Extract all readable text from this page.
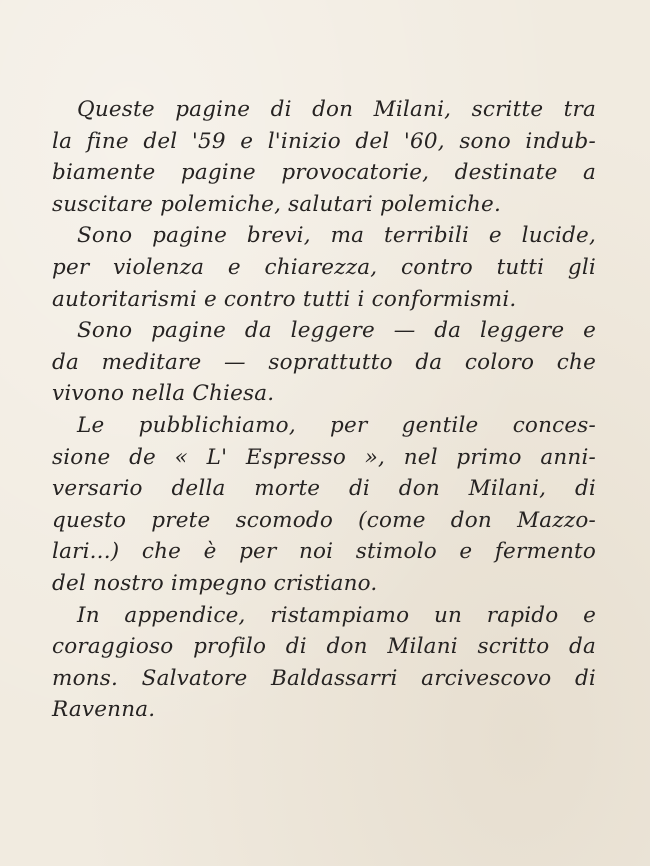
Queste pagine di don Milani, scritte tra
la fine del '59 e l'inizio del '60, sono indub-
biamente pagine provocatorie, destinate a
suscitare polemiche, salutari polemiche.
Sono pagine brevi, ma terribili e lucide,
per violenza e chiarezza, contro tutti gli
autoritarismi e contro tutti i conformismi.
Sono pagine da leggere — da leggere e
da meditare — soprattutto da coloro che
vivono nella Chiesa.
Le pubblichiamo, per gentile conces-
sione de « L' Espresso », nel primo anni-
versario della morte di don Milani, di
questo prete scomodo (come don Mazzo-
lari...) che è per noi stimolo e fermento
del nostro impegno cristiano.
In appendice, ristampiamo un rapido e
coraggioso profilo di don Milani scritto da
mons. Salvatore Baldassarri arcivescovo di
Ravenna.
